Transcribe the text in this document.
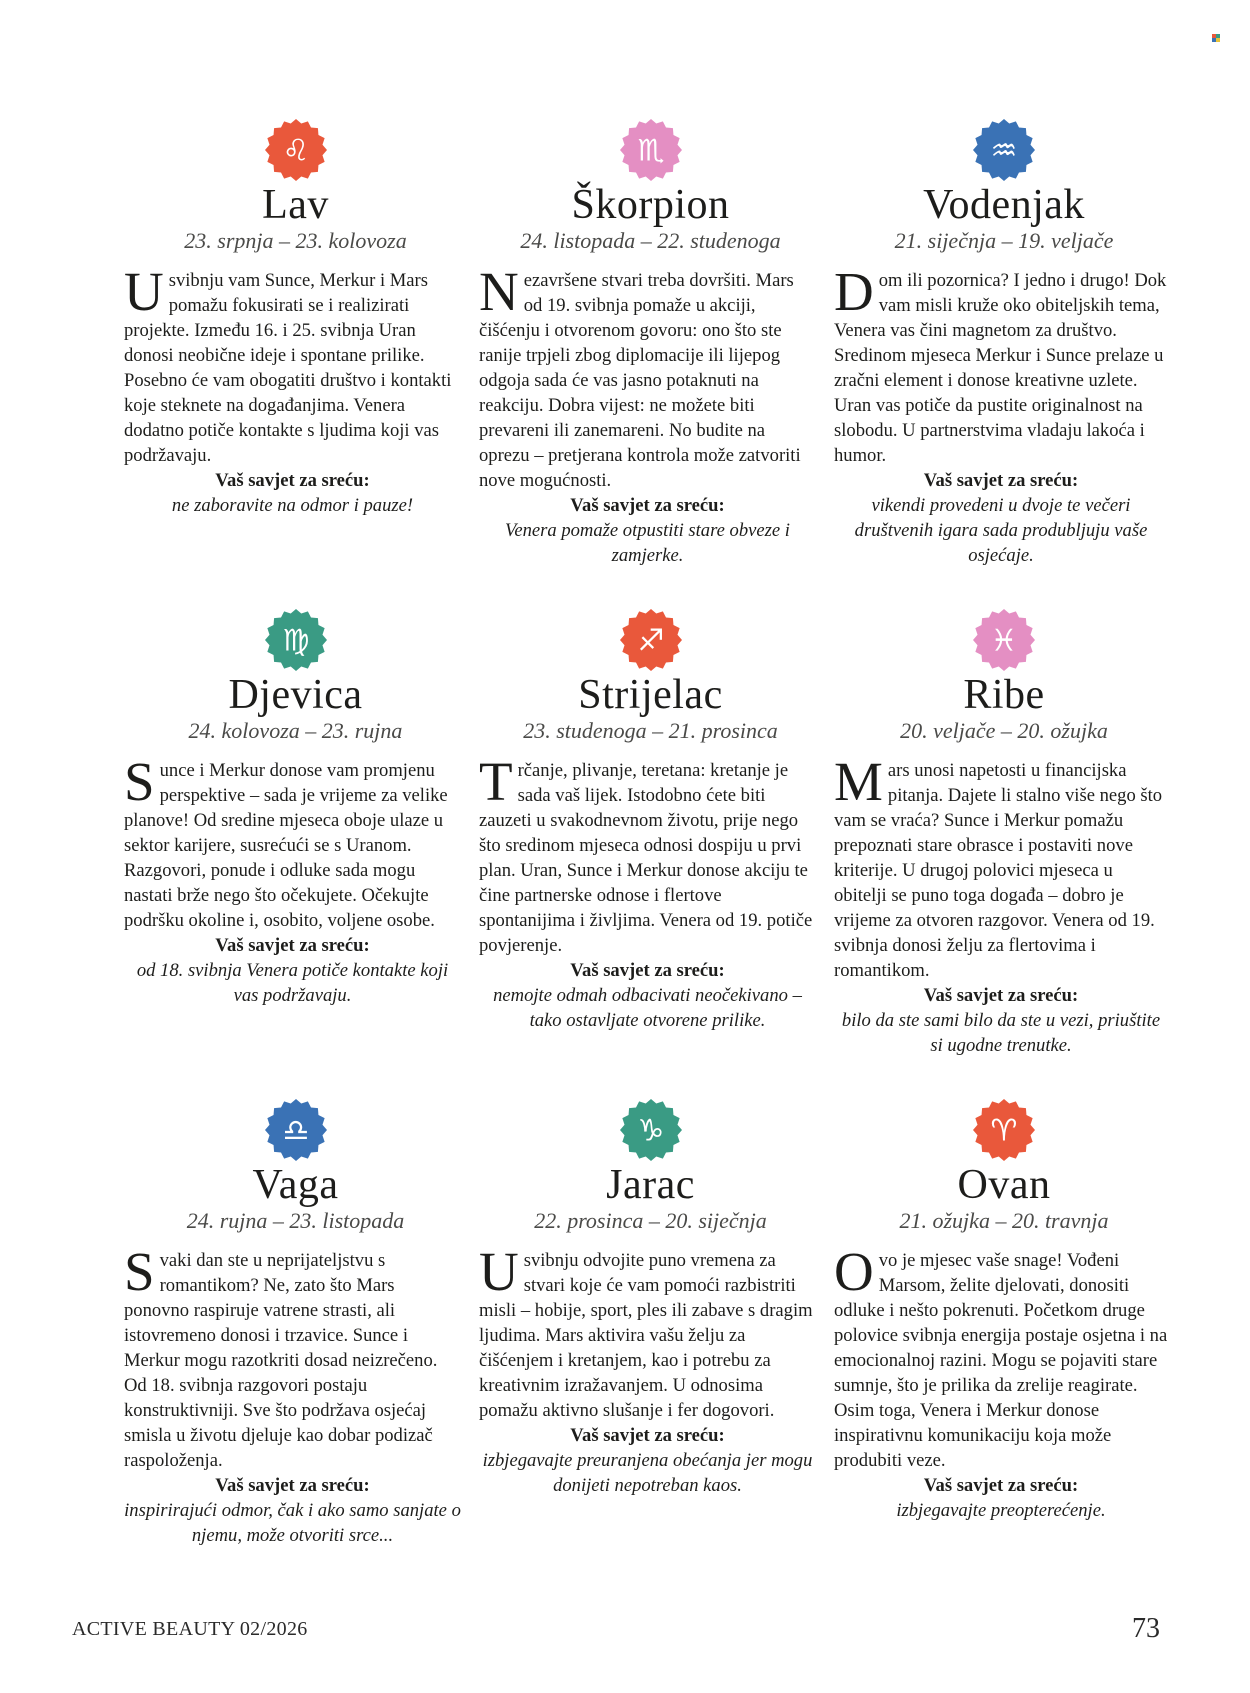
♌︎
Lav
23. srpnja – 23. kolovoza
Usvibnju vam Sunce, Merkur i Mars pomažu fokusirati se i realizirati projekte. Između 16. i 25. svibnja Uran donosi neobične ideje i spontane prilike. Posebno će vam obogatiti društvo i kontakti koje steknete na događanjima. Venera dodatno potiče kontakte s ljudima koji vas podržavaju.
Vaš savjet za sreću:
ne zaboravite na odmor i pauze!
♏︎
Škorpion
24. listopada – 22. studenoga
Nezavršene stvari treba dovršiti. Mars od 19. svibnja pomaže u akciji, čišćenju i otvorenom govoru: ono što ste ranije trpjeli zbog diplomacije ili lijepog odgoja sada će vas jasno potaknuti na reakciju. Dobra vijest: ne možete biti prevareni ili zanemareni. No budite na oprezu – pretjerana kontrola može zatvoriti nove mogućnosti.
Vaš savjet za sreću:
Venera pomaže otpustiti stare obveze i zamjerke.
♒︎
Vodenjak
21. siječnja – 19. veljače
Dom ili pozornica? I jedno i drugo! Dok vam misli kruže oko obiteljskih tema, Venera vas čini magnetom za društvo. Sredinom mjeseca Merkur i Sunce prelaze u zračni element i donose kreativne uzlete. Uran vas potiče da pustite originalnost na slobodu. U partnerstvima vladaju lakoća i humor.
Vaš savjet za sreću:
vikendi provedeni u dvoje te večeri društvenih igara sada produbljuju vaše osjećaje.
♍︎
Djevica
24. kolovoza – 23. rujna
Sunce i Merkur donose vam promjenu perspektive – sada je vrijeme za velike planove! Od sredine mjeseca oboje ulaze u sektor karijere, susrećući se s Uranom. Razgovori, ponude i odluke sada mogu nastati brže nego što očekujete. Očekujte podršku okoline i, osobito, voljene osobe.
Vaš savjet za sreću:
od 18. svibnja Venera potiče kontakte koji vas podržavaju.
♐︎
Strijelac
23. studenoga – 21. prosinca
Trčanje, plivanje, teretana: kretanje je sada vaš lijek. Istodobno ćete biti zauzeti u svakodnevnom životu, prije nego što sredinom mjeseca odnosi dospiju u prvi plan. Uran, Sunce i Merkur donose akciju te čine partnerske odnose i flertove spontanijima i življima. Venera od 19. potiče povjerenje.
Vaš savjet za sreću:
nemojte odmah odbacivati neočekivano – tako ostavljate otvorene prilike.
♓︎
Ribe
20. veljače – 20. ožujka
Mars unosi napetosti u financijska pitanja. Dajete li stalno više nego što vam se vraća? Sunce i Merkur pomažu prepoznati stare obrasce i postaviti nove kriterije. U drugoj polovici mjeseca u obitelji se puno toga događa – dobro je vrijeme za otvoren razgovor. Venera od 19. svibnja donosi želju za flertovima i romantikom.
Vaš savjet za sreću:
bilo da ste sami bilo da ste u vezi, priuštite si ugodne trenutke.
♎︎
Vaga
24. rujna – 23. listopada
Svaki dan ste u neprijateljstvu s romantikom? Ne, zato što Mars ponovno raspiruje vatrene strasti, ali istovremeno donosi i trzavice. Sunce i Merkur mogu razotkriti dosad neizrečeno. Od 18. svibnja razgovori postaju konstruktivniji. Sve što podržava osjećaj smisla u životu djeluje kao dobar podizač raspoloženja.
Vaš savjet za sreću:
inspirirajući odmor, čak i ako samo sanjate o njemu, može otvoriti srce...
♑︎
Jarac
22. prosinca – 20. siječnja
Usvibnju odvojite puno vremena za stvari koje će vam pomoći razbistriti misli – hobije, sport, ples ili zabave s dragim ljudima. Mars aktivira vašu želju za čišćenjem i kretanjem, kao i potrebu za kreativnim izražavanjem. U odnosima pomažu aktivno slušanje i fer dogovori.
Vaš savjet za sreću:
izbjegavajte preuranjena obećanja jer mogu donijeti nepotreban kaos.
♈︎
Ovan
21. ožujka – 20. travnja
Ovo je mjesec vaše snage! Vođeni Marsom, želite djelovati, donositi odluke i nešto pokrenuti. Početkom druge polovice svibnja energija postaje osjetna i na emocionalnoj razini. Mogu se pojaviti stare sumnje, što je prilika da zrelije reagirate. Osim toga, Venera i Merkur donose inspirativnu komunikaciju koja može produbiti veze.
Vaš savjet za sreću:
izbjegavajte preopterećenje.
ACTIVE BEAUTY 02/2026	73
